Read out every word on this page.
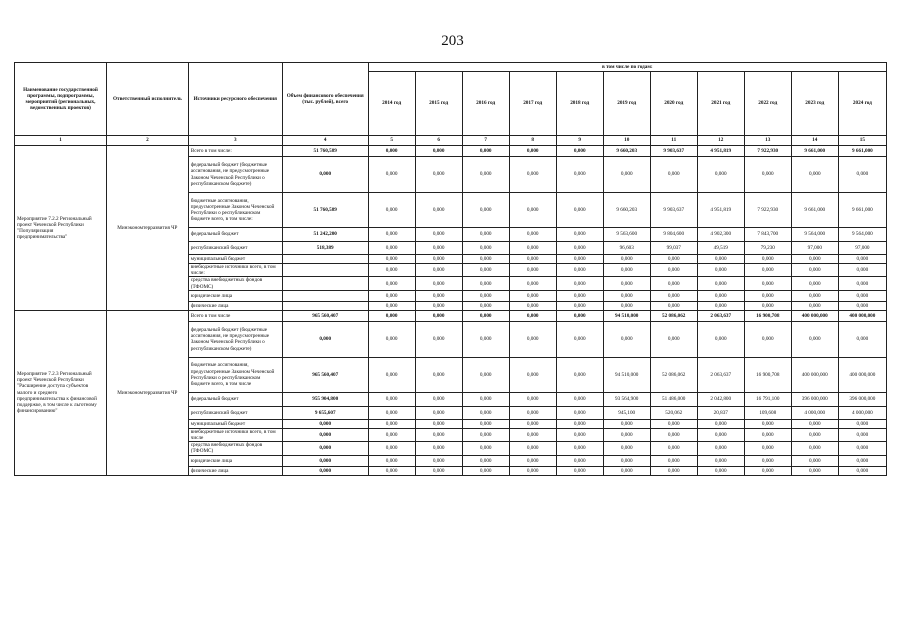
203
Наименование государственной программы, подпрограммы, мероприятий (региональных, ведомственных проектов)	Ответственный исполнитель	Источники ресурсного обеспечения	Объем финансового обеспечения (тыс. рублей), всего	в том числе по годам:										
				2014 год	2015 год	2016 год	2017 год	2018 год	2019 год	2020 год	2021 год	2022 год	2023 год	2024 год
1	2	3	4	5	6	7	8	9	10	11	12	13	14	15
Мероприятие 7.2.2 Региональный проект Чеченской Республики "Популяризация предпринимательства"	Минэкономтерразвития ЧР	Всего в том числе:	51 760,589	0,000	0,000	0,000	0,000	0,000	9 660,203	9 903,637	4 951,819	7 922,930	9 661,000	9 661,000
		федеральный бюджет (бюджетные ассигнования, не предусмотренные Законом Чеченской Республики о республиканском бюджете)	0,000	0,000	0,000	0,000	0,000	0,000	0,000	0,000	0,000	0,000	0,000	0,000
		бюджетные ассигнования, предусмотренные Законом Чеченской Республики о республиканском бюджете всего, в том числе:	51 760,589	0,000	0,000	0,000	0,000	0,000	9 660,203	9 903,637	4 951,819	7 922,930	9 661,000	9 661,000
		федеральный бюджет	51 242,200	0,000	0,000	0,000	0,000	0,000	9 563,600	9 804,600	4 902,300	7 843,700	9 564,000	9 564,000
		республиканский бюджет	518,389	0,000	0,000	0,000	0,000	0,000	96,603	99,037	49,519	79,230	97,000	97,000
		муниципальный бюджет		0,000	0,000	0,000	0,000	0,000	0,000	0,000	0,000	0,000	0,000	0,000
		внебюджетные источники всего, в том числе:		0,000	0,000	0,000	0,000	0,000	0,000	0,000	0,000	0,000	0,000	0,000
		средства внебюджетных фондов (ТФОМС)		0,000	0,000	0,000	0,000	0,000	0,000	0,000	0,000	0,000	0,000	0,000
		юридические лица		0,000	0,000	0,000	0,000	0,000	0,000	0,000	0,000	0,000	0,000	0,000
		физические лица		0,000	0,000	0,000	0,000	0,000	0,000	0,000	0,000	0,000	0,000	0,000
Мероприятие 7.2.3 Региональный проект Чеченской Республики "Расширение доступа субъектов малого и среднего предпринимательства к финансовой поддержке, в том числе к льготному финансированию"	Минэкономтерразвития ЧР	Всего в том числе	965 560,407	0,000	0,000	0,000	0,000	0,000	94 510,000	52 086,062	2 063,637	16 900,708	400 000,000	400 000,000
		федеральный бюджет (бюджетные ассигнования, не предусмотренные Законом Чеченской Республики о республиканском бюджете)	0,000	0,000	0,000	0,000	0,000	0,000	0,000	0,000	0,000	0,000	0,000	0,000
		бюджетные ассигнования, предусмотренные Законом Чеченской Республики о республиканском бюджете всего, в том числе	965 560,407	0,000	0,000	0,000	0,000	0,000	94 510,000	52 086,062	2 063,637	16 900,708	400 000,000	400 000,000
		федеральный бюджет	955 904,800	0,000	0,000	0,000	0,000	0,000	93 564,900	51 486,000	2 042,800	16 791,100	396 000,000	396 000,000
		республиканский бюджет	9 655,607	0,000	0,000	0,000	0,000	0,000	945,100	520,062	20,837	109,608	4 000,000	4 000,000
		муниципальный бюджет	0,000	0,000	0,000	0,000	0,000	0,000	0,000	0,000	0,000	0,000	0,000	0,000
		внебюджетные источники всего, в том числе	0,000	0,000	0,000	0,000	0,000	0,000	0,000	0,000	0,000	0,000	0,000	0,000
		средства внебюджетных фондов (ТФОМС)	0,000	0,000	0,000	0,000	0,000	0,000	0,000	0,000	0,000	0,000	0,000	0,000
		юридические лица	0,000	0,000	0,000	0,000	0,000	0,000	0,000	0,000	0,000	0,000	0,000	0,000
		физические лица	0,000	0,000	0,000	0,000	0,000	0,000	0,000	0,000	0,000	0,000	0,000	0,000
